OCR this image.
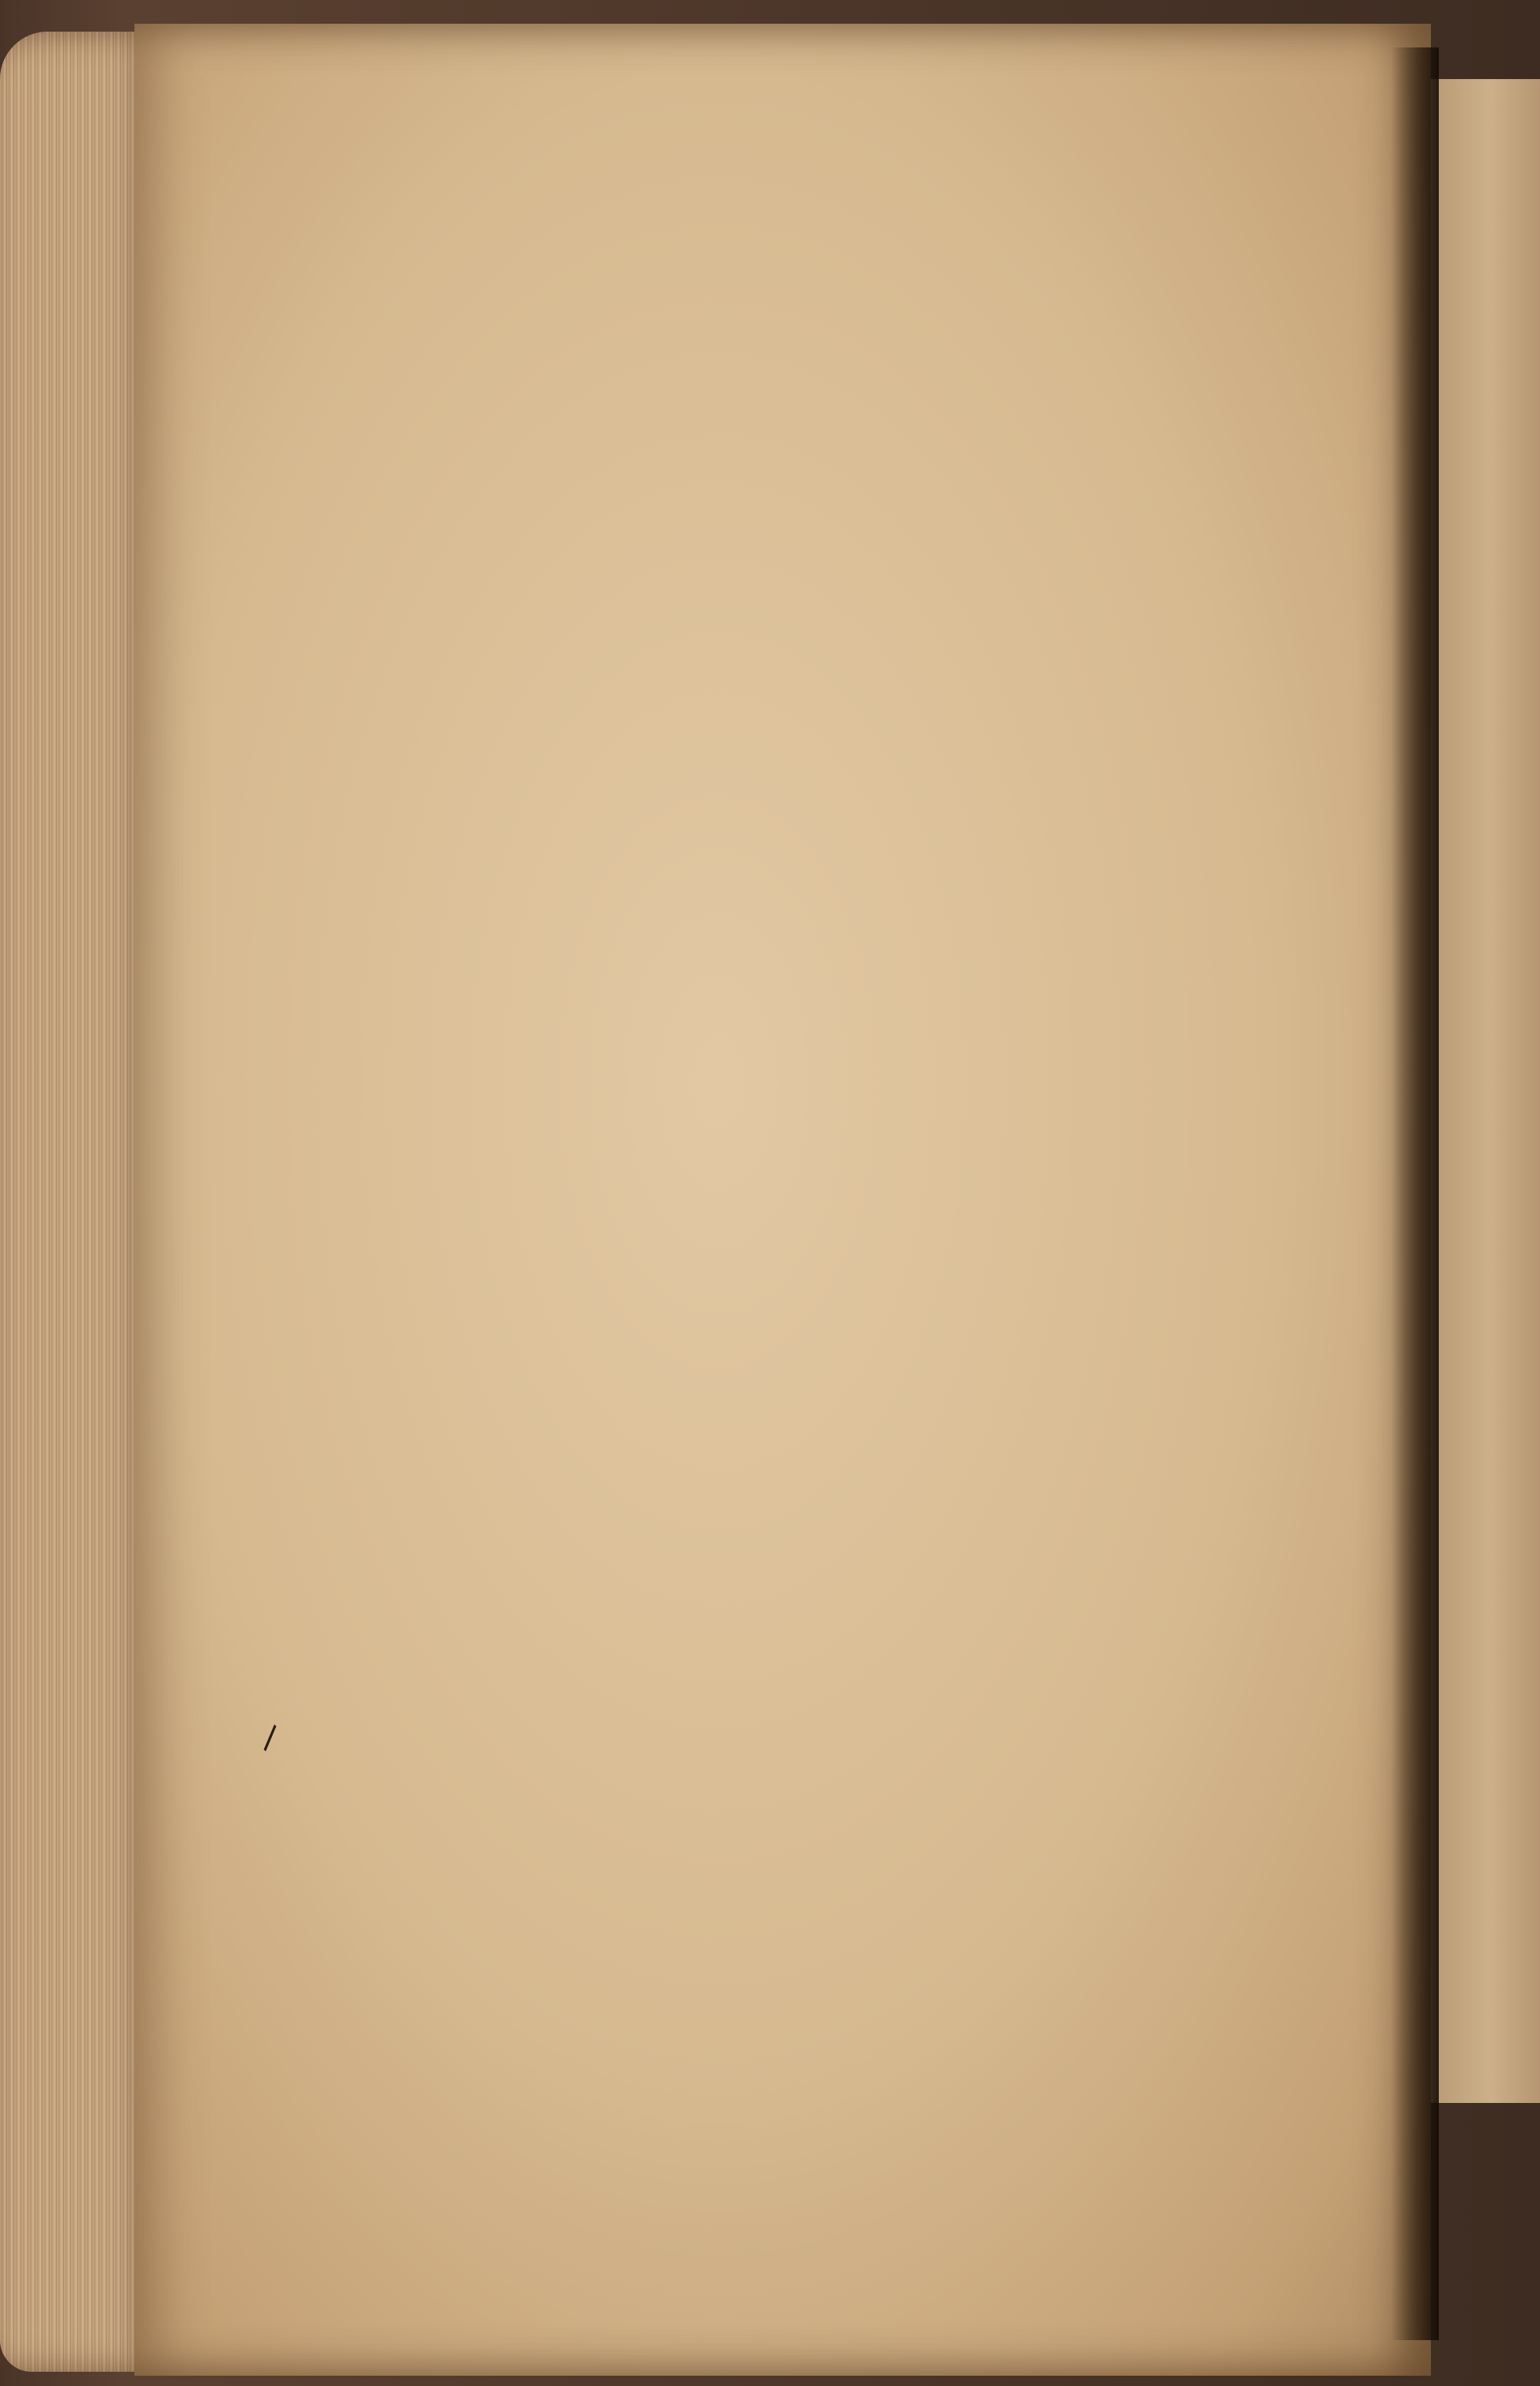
\
